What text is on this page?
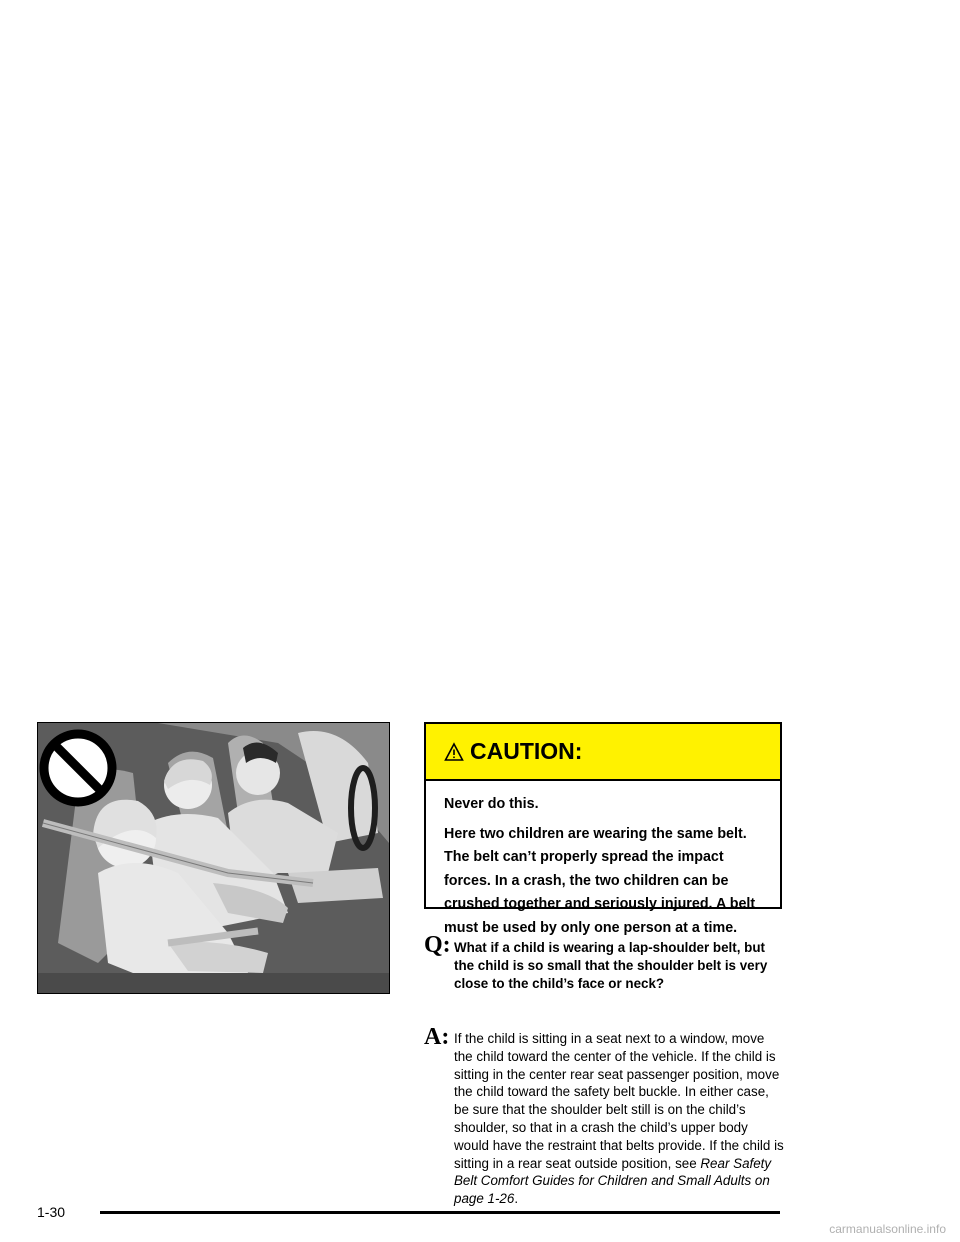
CAUTION:

Never do this.

Here two children are wearing the same belt. The belt can’t properly spread the impact forces. In a crash, the two children can be crushed together and seriously injured. A belt must be used by only one person at a time.

Q: What if a child is wearing a lap-shoulder belt, but the child is so small that the shoulder belt is very close to the child’s face or neck?
A: If the child is sitting in a seat next to a window, move the child toward the center of the vehicle. If the child is sitting in the center rear seat passenger position, move the child toward the safety belt buckle. In either case, be sure that the shoulder belt still is on the child’s shoulder, so that in a crash the child’s upper body would have the restraint that belts provide. If the child is sitting in a rear seat outside position, see Rear Safety Belt Comfort Guides for Children and Small Adults on page 1-26.
1-30
carmanualsonline.info
